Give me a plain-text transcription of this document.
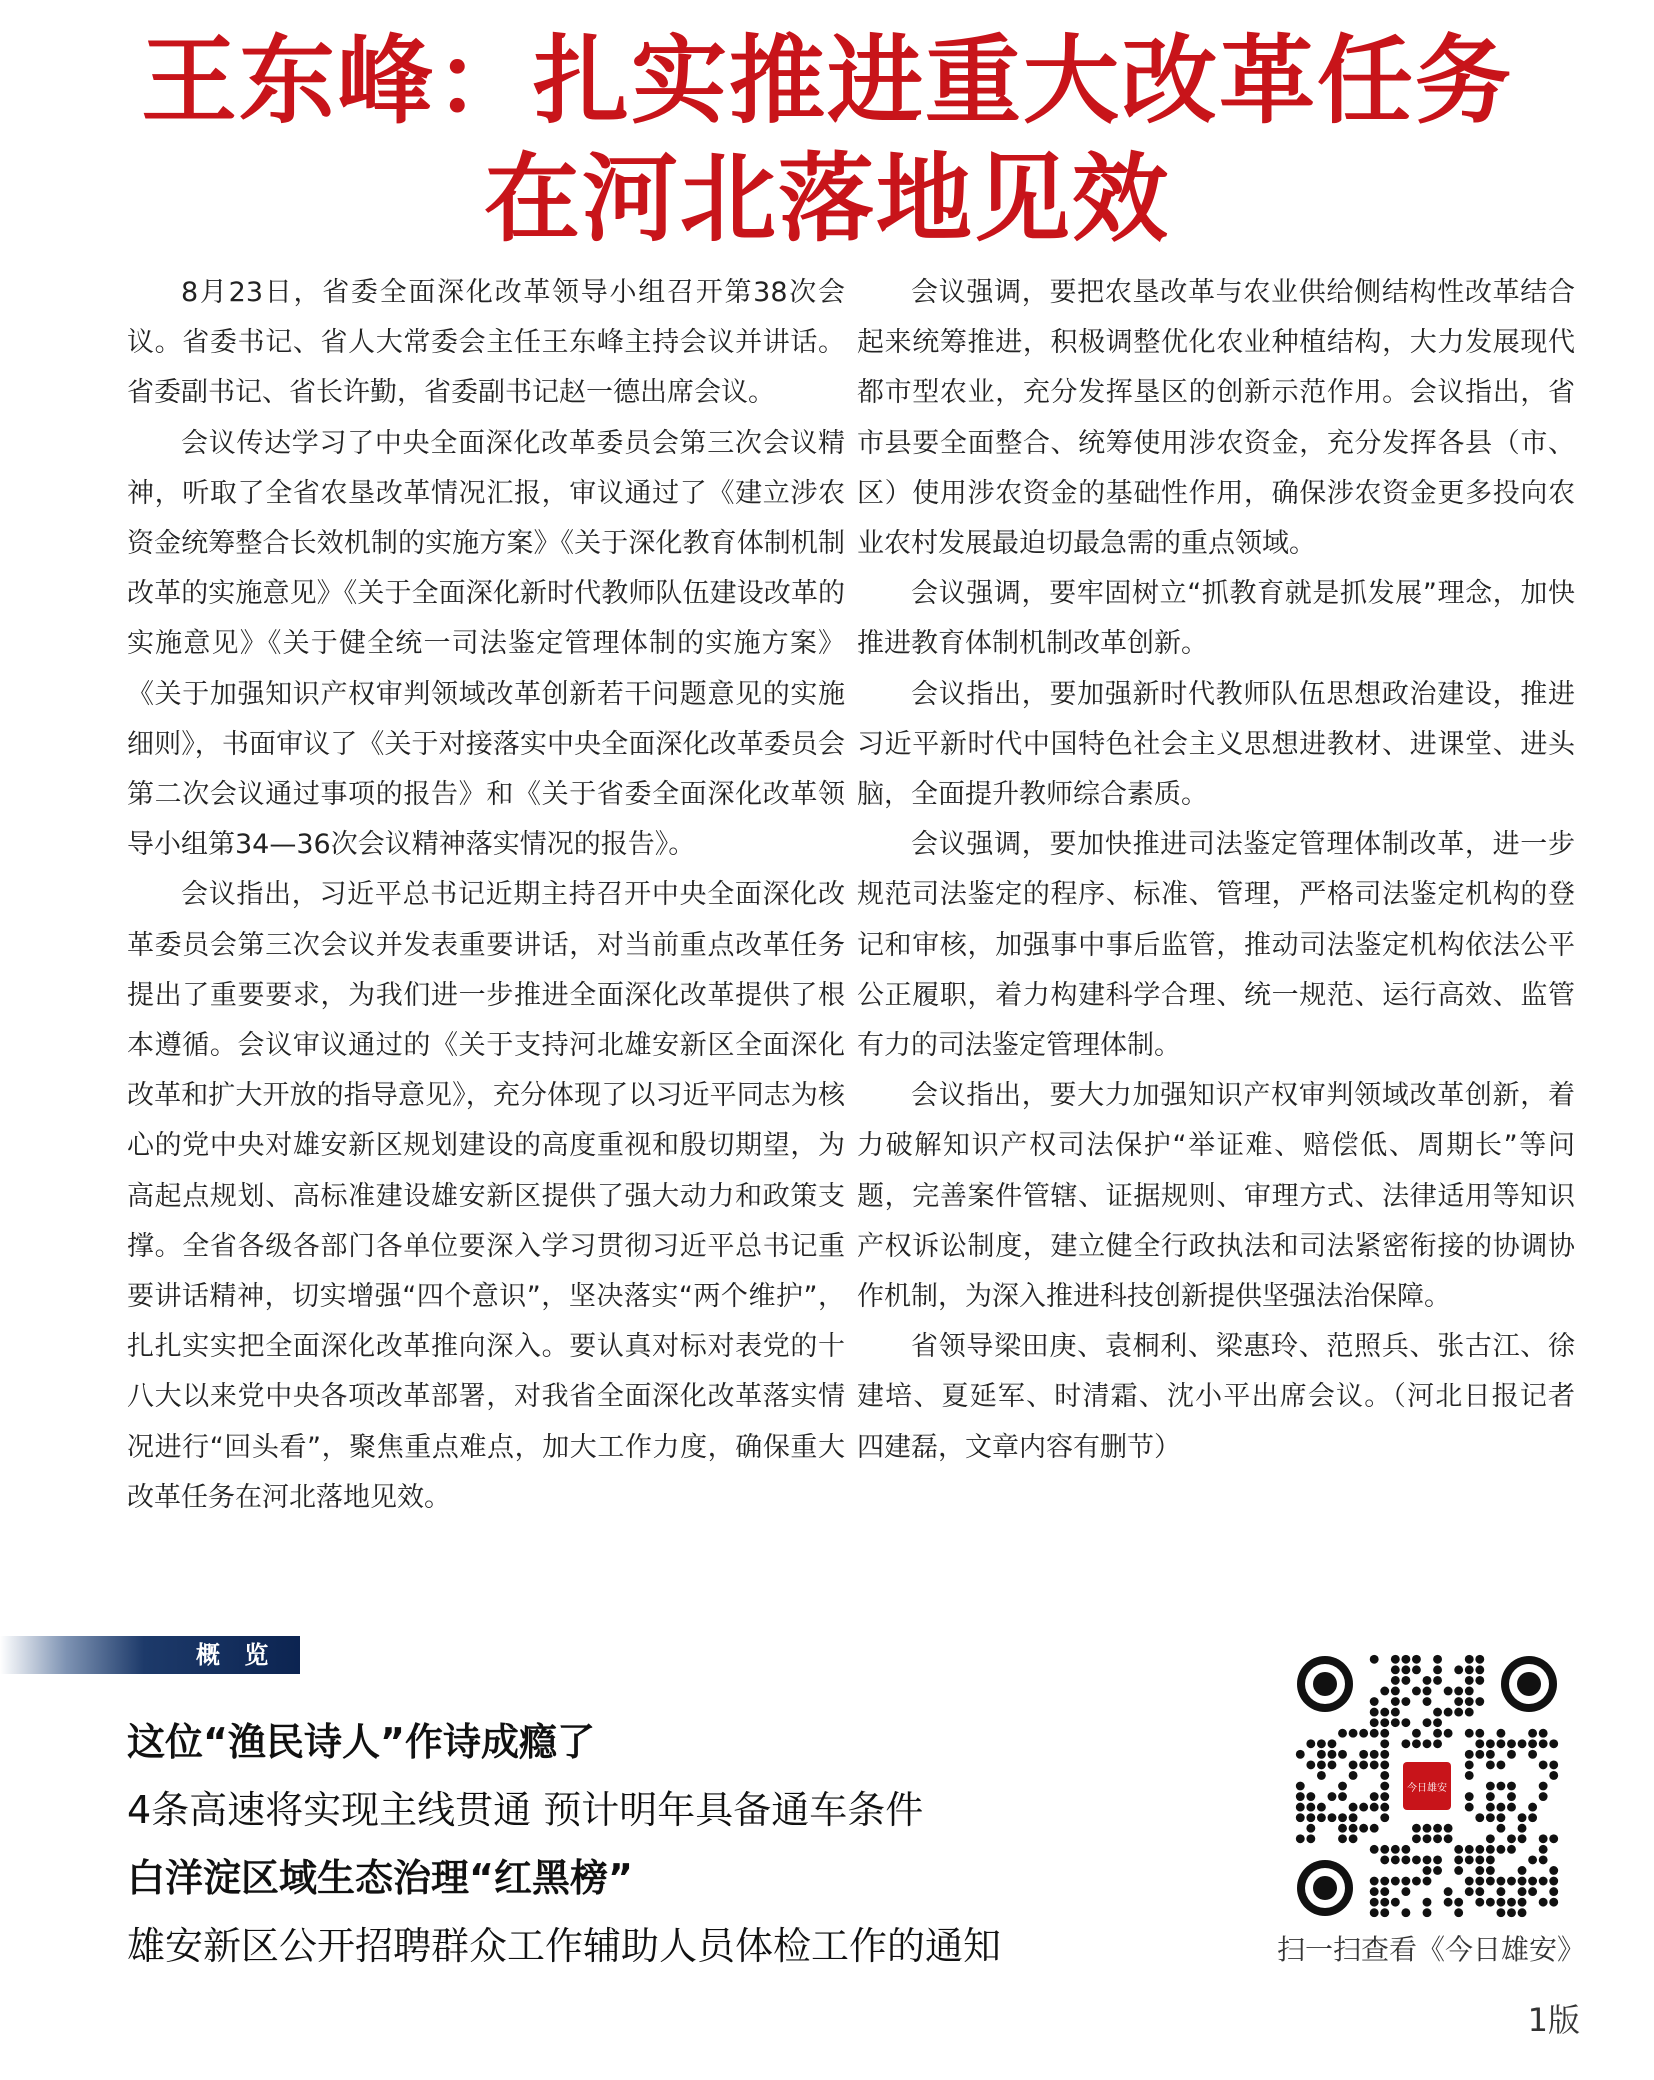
王东峰：扎实推进重大改革任务
在河北落地见效

8月23日，省委全面深化改革领导小组召开第38次会议。省委书记、省人大常委会主任王东峰主持会议并讲话。省委副书记、省长许勤，省委副书记赵一德出席会议。

会议传达学习了中央全面深化改革委员会第三次会议精神，听取了全省农垦改革情况汇报，审议通过了《建立涉农资金统筹整合长效机制的实施方案》《关于深化教育体制机制改革的实施意见》《关于全面深化新时代教师队伍建设改革的实施意见》《关于健全统一司法鉴定管理体制的实施方案》《关于加强知识产权审判领域改革创新若干问题意见的实施细则》，书面审议了《关于对接落实中央全面深化改革委员会第二次会议通过事项的报告》和《关于省委全面深化改革领导小组第34—36次会议精神落实情况的报告》。

会议指出，习近平总书记近期主持召开中央全面深化改革委员会第三次会议并发表重要讲话，对当前重点改革任务提出了重要要求，为我们进一步推进全面深化改革提供了根本遵循。会议审议通过的《关于支持河北雄安新区全面深化改革和扩大开放的指导意见》，充分体现了以习近平同志为核心的党中央对雄安新区规划建设的高度重视和殷切期望，为高起点规划、高标准建设雄安新区提供了强大动力和政策支撑。全省各级各部门各单位要深入学习贯彻习近平总书记重要讲话精神，切实增强“四个意识”，坚决落实“两个维护”，扎扎实实把全面深化改革推向深入。要认真对标对表党的十八大以来党中央各项改革部署，对我省全面深化改革落实情况进行“回头看”，聚焦重点难点，加大工作力度，确保重大改革任务在河北落地见效。

会议强调，要把农垦改革与农业供给侧结构性改革结合起来统筹推进，积极调整优化农业种植结构，大力发展现代都市型农业，充分发挥垦区的创新示范作用。会议指出，省市县要全面整合、统筹使用涉农资金，充分发挥各县（市、区）使用涉农资金的基础性作用，确保涉农资金更多投向农业农村发展最迫切最急需的重点领域。

会议强调，要牢固树立“抓教育就是抓发展”理念，加快推进教育体制机制改革创新。

会议指出，要加强新时代教师队伍思想政治建设，推进习近平新时代中国特色社会主义思想进教材、进课堂、进头脑，全面提升教师综合素质。

会议强调，要加快推进司法鉴定管理体制改革，进一步规范司法鉴定的程序、标准、管理，严格司法鉴定机构的登记和审核，加强事中事后监管，推动司法鉴定机构依法公平公正履职，着力构建科学合理、统一规范、运行高效、监管有力的司法鉴定管理体制。

会议指出，要大力加强知识产权审判领域改革创新，着力破解知识产权司法保护“举证难、赔偿低、周期长”等问题，完善案件管辖、证据规则、审理方式、法律适用等知识产权诉讼制度，建立健全行政执法和司法紧密衔接的协调协作机制，为深入推进科技创新提供坚强法治保障。

省领导梁田庚、袁桐利、梁惠玲、范照兵、张古江、徐建培、夏延军、时清霜、沈小平出席会议。（河北日报记者 四建磊，文章内容有删节）

概 览
这位“渔民诗人”作诗成瘾了
4条高速将实现主线贯通 预计明年具备通车条件
白洋淀区域生态治理“红黑榜”
雄安新区公开招聘群众工作辅助人员体检工作的通知
今日雄安
扫一扫查看《今日雄安》
1版
